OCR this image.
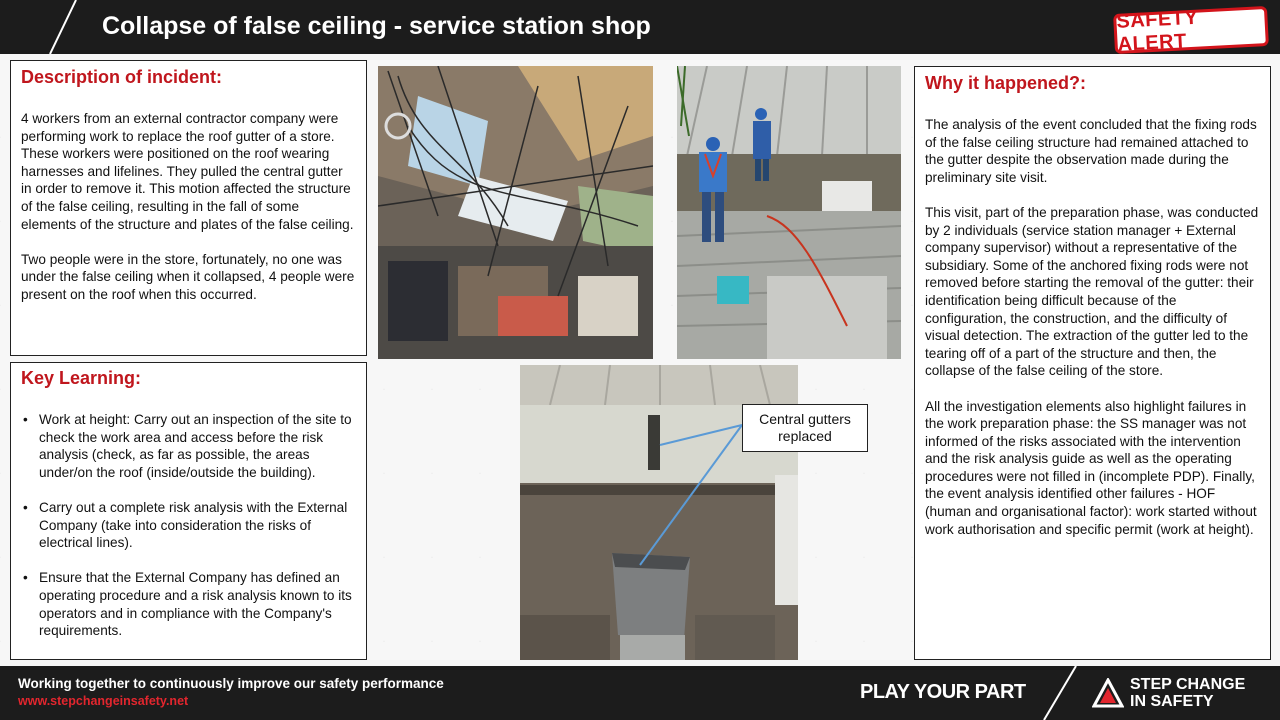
Collapse of false ceiling - service station shop	SAFETY ALERT
Description of incident:

4 workers from an external contractor company were performing work to replace the roof gutter of a store. These workers were positioned on the roof wearing harnesses and lifelines. They pulled the central gutter in order to remove it. This motion affected the structure of the false ceiling, resulting in the fall of some elements of the structure and plates of the false ceiling.

Two people were in the store, fortunately, no one was under the false ceiling when it collapsed, 4 people were present on the roof when this occurred.

Key Learning:
• Work at height: Carry out an inspection of the site to check the work area and access before the risk analysis (check, as far as possible, the areas under/on the roof (inside/outside the building).
• Carry out a complete risk analysis with the External Company (take into consideration the risks of electrical lines).
• Ensure that the External Company has defined an operating procedure and a risk analysis known to its operators and in compliance with the Company's requirements.
Central gutters replaced
Why it happened?:

The analysis of the event concluded that the fixing rods of the false ceiling structure had remained attached to the gutter despite the observation made during the preliminary site visit.

This visit, part of the preparation phase, was conducted by 2 individuals (service station manager + External company supervisor) without a representative of the subsidiary. Some of the anchored fixing rods were not removed before starting the removal of the gutter: their identification being difficult because of the configuration, the construction, and the difficulty of visual detection. The extraction of the gutter led to the tearing off of a part of the structure and then, the collapse of the false ceiling of the store.

All the investigation elements also highlight failures in the work preparation phase: the SS manager was not informed of the risks associated with the intervention and the risk analysis guide as well as the operating procedures were not filled in (incomplete PDP). Finally, the event analysis identified other failures - HOF (human and organisational factor): work started without work authorisation and specific permit (work at height).

Working together to continuously improve our safety performance
www.stepchangeinsafety.net	PLAY YOUR PART	STEP CHANGE
IN SAFETY
